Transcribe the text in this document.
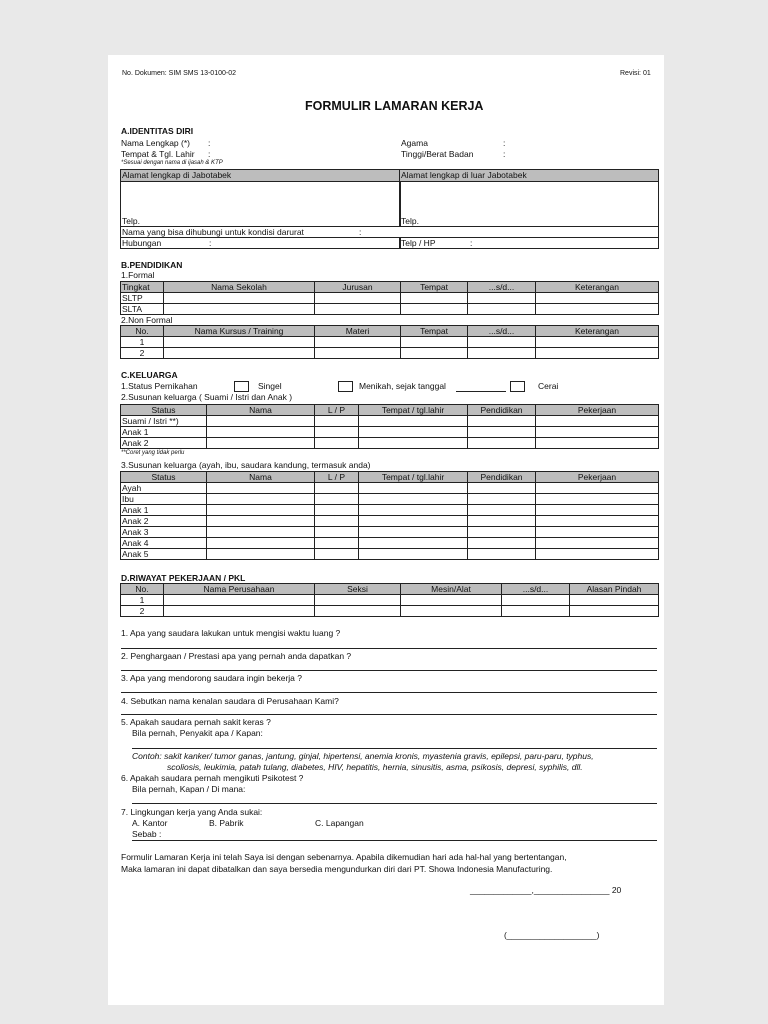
No. Dokumen: SIM SMS 13-0100-02	Revisi: 01
FORMULIR LAMARAN KERJA
A.IDENTITAS DIRI
Nama Lengkap (*) :
Tempat & Tgl. Lahir :
Agama	:
Tinggi/Berat Badan	:
*Sesuai dengan nama di ijasah & KTP
Alamat lengkap di Jabotabek
Telp.
Alamat lengkap di luar Jabotabek
Telp.
Nama yang bisa dihubungi untuk kondisi darurat	:
Hubungan	:	Telp / HP	:
B.PENDIDIKAN
1.Formal
Tingkat	Nama Sekolah	Jurusan	Tempat	...s/d...	Keterangan
SLTP					
SLTA					
2.Non Formal
No.	Nama Kursus / Training	Materi	Tempat	...s/d...	Keterangan
1					
2					
C.KELUARGA
1.Status Pernikahan	Singel	Menikah, sejak tanggal	Cerai
2.Susunan keluarga ( Suami / Istri dan Anak )
Status	Nama	L / P	Tempat / tgl.lahir	Pendidikan	Pekerjaan
Suami / Istri **)					
Anak 1					
Anak 2					
**Coret yang tidak perlu
3.Susunan keluarga (ayah, ibu, saudara kandung, termasuk anda)
Status	Nama	L / P	Tempat / tgl.lahir	Pendidikan	Pekerjaan
Ayah					
Ibu					
Anak 1					
Anak 2					
Anak 3					
Anak 4					
Anak 5					
D.RIWAYAT PEKERJAAN / PKL
No.	Nama Perusahaan	Seksi	Mesin/Alat	...s/d...	Alasan Pindah
1					
2					
1. Apa yang saudara lakukan untuk mengisi waktu luang ?
2. Penghargaan / Prestasi apa yang pernah anda dapatkan ?
3. Apa yang mendorong saudara ingin bekerja ?
4. Sebutkan nama kenalan saudara di Perusahaan Kami?
5. Apakah saudara pernah sakit keras ?
Bila pernah, Penyakit apa / Kapan:
Contoh: sakit kanker/ tumor ganas, jantung, ginjal, hipertensi, anemia kronis, myastenia gravis, epilepsi, paru-paru, typhus,
scoliosis, leukimia, patah tulang, diabetes, HIV, hepatitis, hernia, sinusitis, asma, psikosis, depresi, syphilis, dll.
6. Apakah saudara pernah mengikuti Psikotest ?
Bila pernah, Kapan / Di mana:
7. Lingkungan kerja yang Anda sukai:
A. Kantor	B. Pabrik	C. Lapangan
Sebab :
Formulir Lamaran Kerja ini telah Saya isi dengan sebenarnya. Apabila dikemudian hari ada hal-hal yang bertentangan,
Maka lamaran ini dapat dibatalkan dan saya bersedia mengundurkan diri dari PT. Showa Indonesia Manufacturing.
_____________,________________ 20
(___________________)
